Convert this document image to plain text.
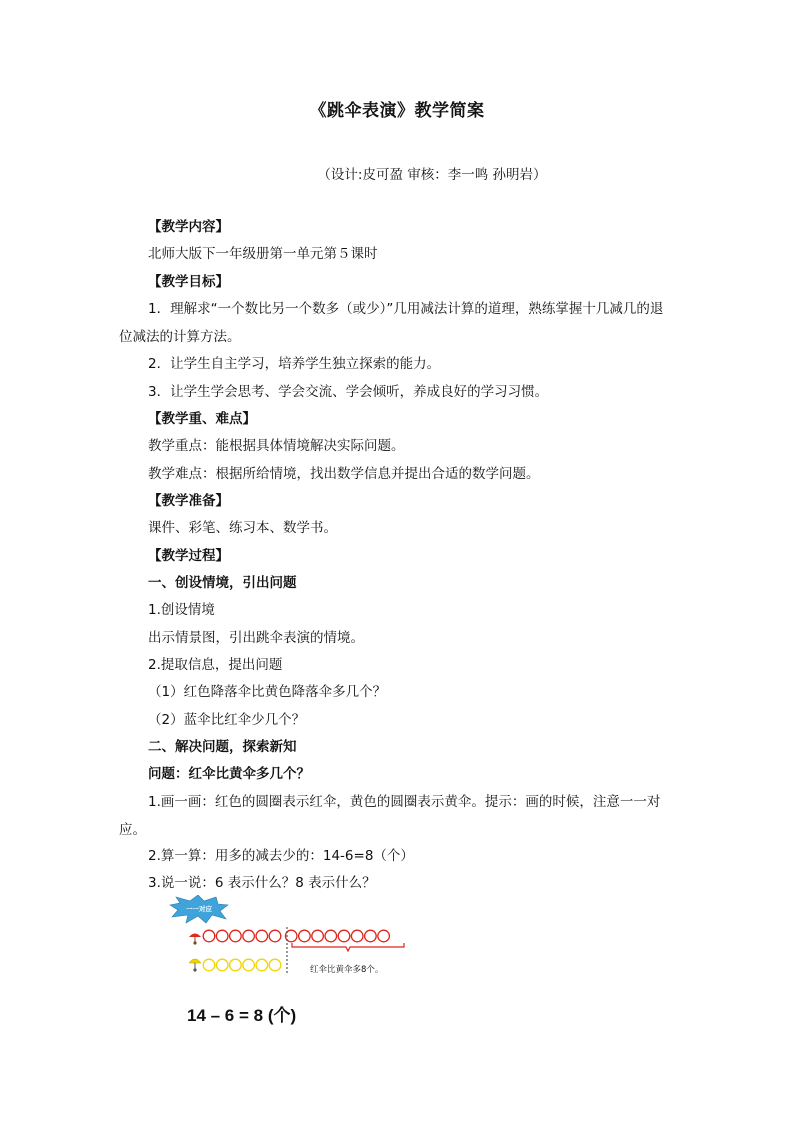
《跳伞表演》教学简案
（设计:皮可盈 审核：李一鸣 孙明岩）
【教学内容】
北师大版下一年级册第一单元第５课时
【教学目标】
1．理解求“一个数比另一个数多（或少）”几用减法计算的道理，熟练掌握十几减几的退位减法的计算方法。
2．让学生自主学习，培养学生独立探索的能力。
3．让学生学会思考、学会交流、学会倾听，养成良好的学习习惯。
【教学重、难点】
教学重点：能根据具体情境解决实际问题。
教学难点：根据所给情境，找出数学信息并提出合适的数学问题。
【教学准备】
课件、彩笔、练习本、数学书。
【教学过程】
一、创设情境，引出问题
1.创设情境
出示情景图，引出跳伞表演的情境。
2.提取信息，提出问题
（1）红色降落伞比黄色降落伞多几个？
（2）蓝伞比红伞少几个？
二、解决问题，探索新知
问题：红伞比黄伞多几个？
1.画一画：红色的圆圈表示红伞，黄色的圆圈表示黄伞。提示：画的时候，注意一一对应。
2.算一算：用多的减去少的：14-6=8（个）
3.说一说：6 表示什么？8 表示什么？
一一对应
红伞比黄伞多8个。
14 – 6 = 8 (个)
